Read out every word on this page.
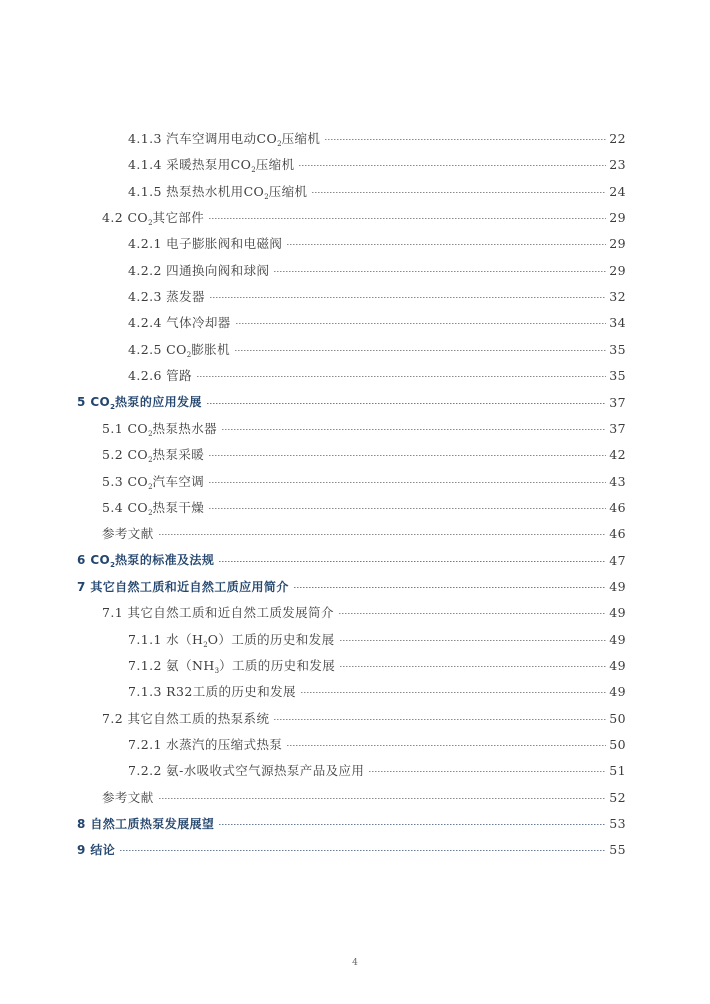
4.1.3 汽车空调用电动$CO_2$压缩机	22
4.1.4 采暖热泵用$CO_2$压缩机	23
4.1.5 热泵热水机用$CO_2$压缩机	24
4.2 $CO_2$其它部件	29
4.2.1 电子膨胀阀和电磁阀	29
4.2.2 四通换向阀和球阀	29
4.2.3 蒸发器	32
4.2.4 气体冷却器	34
4.2.5 $CO_2$膨胀机	35
4.2.6 管路	35
5 $CO_2$热泵的应用发展	37
5.1 $CO_2$热泵热水器	37
5.2 $CO_2$热泵采暖	42
5.3 $CO_2$汽车空调	43
5.4 $CO_2$热泵干燥	46
参考文献	46
6 $CO_2$热泵的标准及法规	47
7 其它自然工质和近自然工质应用简介	49
7.1 其它自然工质和近自然工质发展简介	49
7.1.1 水$(H_2O)$工质的历史和发展	49
7.1.2 氨$(NH_3)$工质的历史和发展	49
7.1.3 R32工质的历史和发展	49
7.2 其它自然工质的热泵系统	50
7.2.1 水蒸汽的压缩式热泵	50
7.2.2 氨-水吸收式空气源热泵产品及应用	51
参考文献	52
8 自然工质热泵发展展望	53
9 结论	55
4
